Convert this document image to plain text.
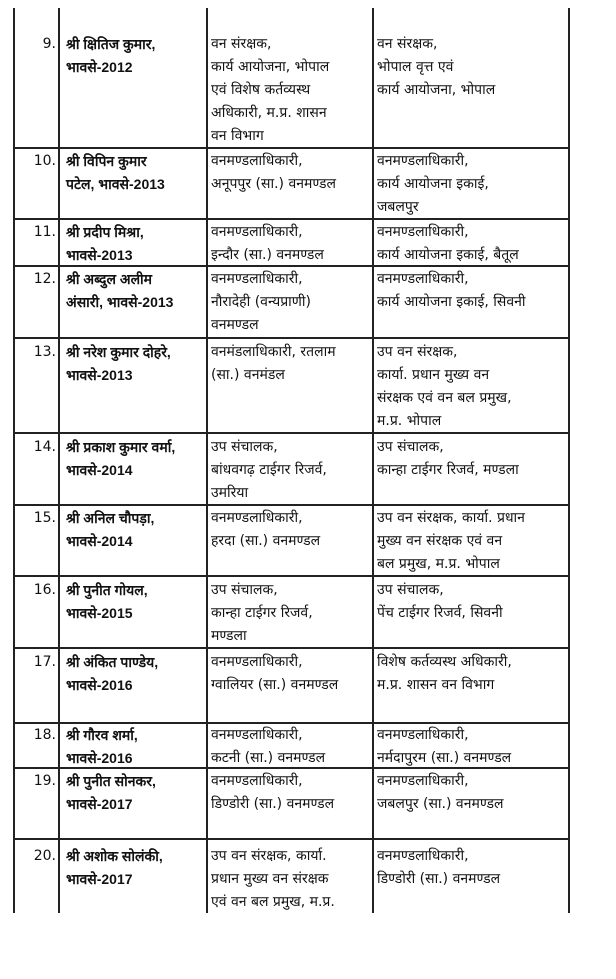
9. श्री क्षितिज कुमार,
भावसे-2012
वन संरक्षक,
कार्य आयोजना, भोपाल
एवं विशेष कर्तव्यस्थ
अधिकारी, म.प्र. शासन
वन विभाग
वन संरक्षक,
भोपाल वृत्त एवं
कार्य आयोजना, भोपाल
10. श्री विपिन कुमार
पटेल, भावसे-2013
वनमण्डलाधिकारी,
अनूपपुर (सा.) वनमण्डल
वनमण्डलाधिकारी,
कार्य आयोजना इकाई,
जबलपुर
11. श्री प्रदीप मिश्रा,
भावसे-2013
वनमण्डलाधिकारी,
इन्दौर (सा.) वनमण्डल
वनमण्डलाधिकारी,
कार्य आयोजना इकाई, बैतूल
12. श्री अब्दुल अलीम
अंसारी, भावसे-2013
वनमण्डलाधिकारी,
नौरादेही (वन्यप्राणी)
वनमण्डल
वनमण्डलाधिकारी,
कार्य आयोजना इकाई, सिवनी
13. श्री नरेश कुमार दोहरे,
भावसे-2013
वनमंडलाधिकारी, रतलाम
(सा.) वनमंडल
उप वन संरक्षक,
कार्या. प्रधान मुख्य वन
संरक्षक एवं वन बल प्रमुख,
म.प्र. भोपाल
14. श्री प्रकाश कुमार वर्मा,
भावसे-2014
उप संचालक,
बांधवगढ़ टाईगर रिजर्व,
उमरिया
उप संचालक,
कान्हा टाईगर रिजर्व, मण्डला
15. श्री अनिल चौपड़ा,
भावसे-2014
वनमण्डलाधिकारी,
हरदा (सा.) वनमण्डल
उप वन संरक्षक, कार्या. प्रधान
मुख्य वन संरक्षक एवं वन
बल प्रमुख, म.प्र. भोपाल
16. श्री पुनीत गोयल,
भावसे-2015
उप संचालक,
कान्हा टाईगर रिजर्व,
मण्डला
उप संचालक,
पेंच टाईगर रिजर्व, सिवनी
17. श्री अंकित पाण्डेय,
भावसे-2016
वनमण्डलाधिकारी,
ग्वालियर (सा.) वनमण्डल
विशेष कर्तव्यस्थ अधिकारी,
म.प्र. शासन वन विभाग
18. श्री गौरव शर्मा,
भावसे-2016
वनमण्डलाधिकारी,
कटनी (सा.) वनमण्डल
वनमण्डलाधिकारी,
नर्मदापुरम (सा.) वनमण्डल
19. श्री पुनीत सोनकर,
भावसे-2017
वनमण्डलाधिकारी,
डिण्डोरी (सा.) वनमण्डल
वनमण्डलाधिकारी,
जबलपुर (सा.) वनमण्डल
20. श्री अशोक सोलंकी,
भावसे-2017
उप वन संरक्षक, कार्या.
प्रधान मुख्य वन संरक्षक
एवं वन बल प्रमुख, म.प्र.
वनमण्डलाधिकारी,
डिण्डोरी (सा.) वनमण्डल
